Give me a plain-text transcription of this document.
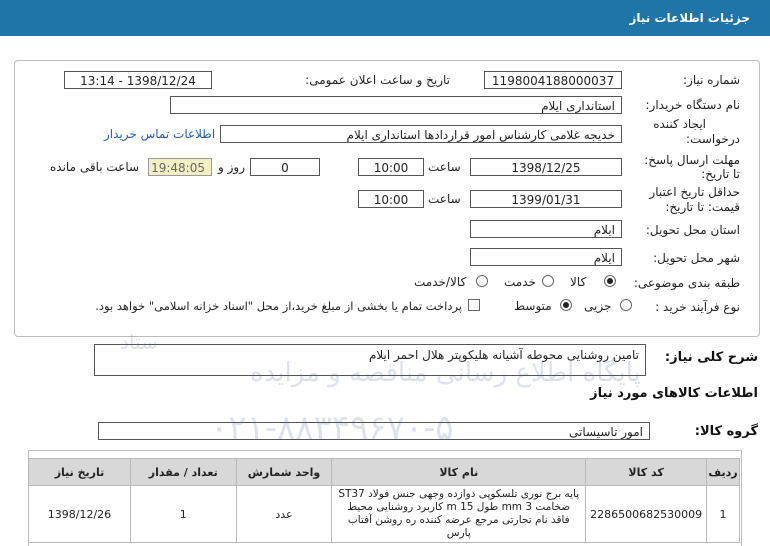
جزئیات اطلاعات نیاز
شماره نیاز:
1198004188000037
تاریخ و ساعت اعلان عمومی:
1398/12/24 - 13:14
نام دستگاه خریدار:
استانداری ایلام
ایجاد کننده
درخواست:
خدیجه غلامی کارشناس امور قراردادها استانداری ایلام
اطلاعات تماس خریدار
مهلت ارسال پاسخ:
تا تاریخ:
1398/12/25
ساعت
10:00
0
روز و
19:48:05
ساعت باقی مانده
حداقل تاریخ اعتبار
قیمت: تا تاریخ:
1399/01/31
ساعت
10:00
استان محل تحویل:
ایلام
شهر محل تحویل:
ایلام
طبقه بندی موضوعی:
کالا
خدمت
کالا/خدمت
نوع فرآیند خرید :
جزیی
متوسط
پرداخت تمام یا بخشی از مبلغ خرید،از محل "اسناد خزانه اسلامی" خواهد بود.
شرح کلی نیاز:
تامین روشنایی محوطه آشیانه هلیکوپتر هلال احمر ایلام
اطلاعات کالاهای مورد نیاز
گروه کالا:
امور تاسیساتی
ستاد
ردیف	کد کالا	نام کالا	واحد شمارش	تعداد / مقدار	تاریخ نیاز
1	2286500682530009	پایه برج نوری تلسکوپی دوازده وجهی جنس فولاد ST37 ضخامت 3 mm طول 15 m کاربرد روشنایی محیط فاقد نام تجارتی مرجع عرضه کننده ره روشن آفتاب پارس	عدد	1	1398/12/26
